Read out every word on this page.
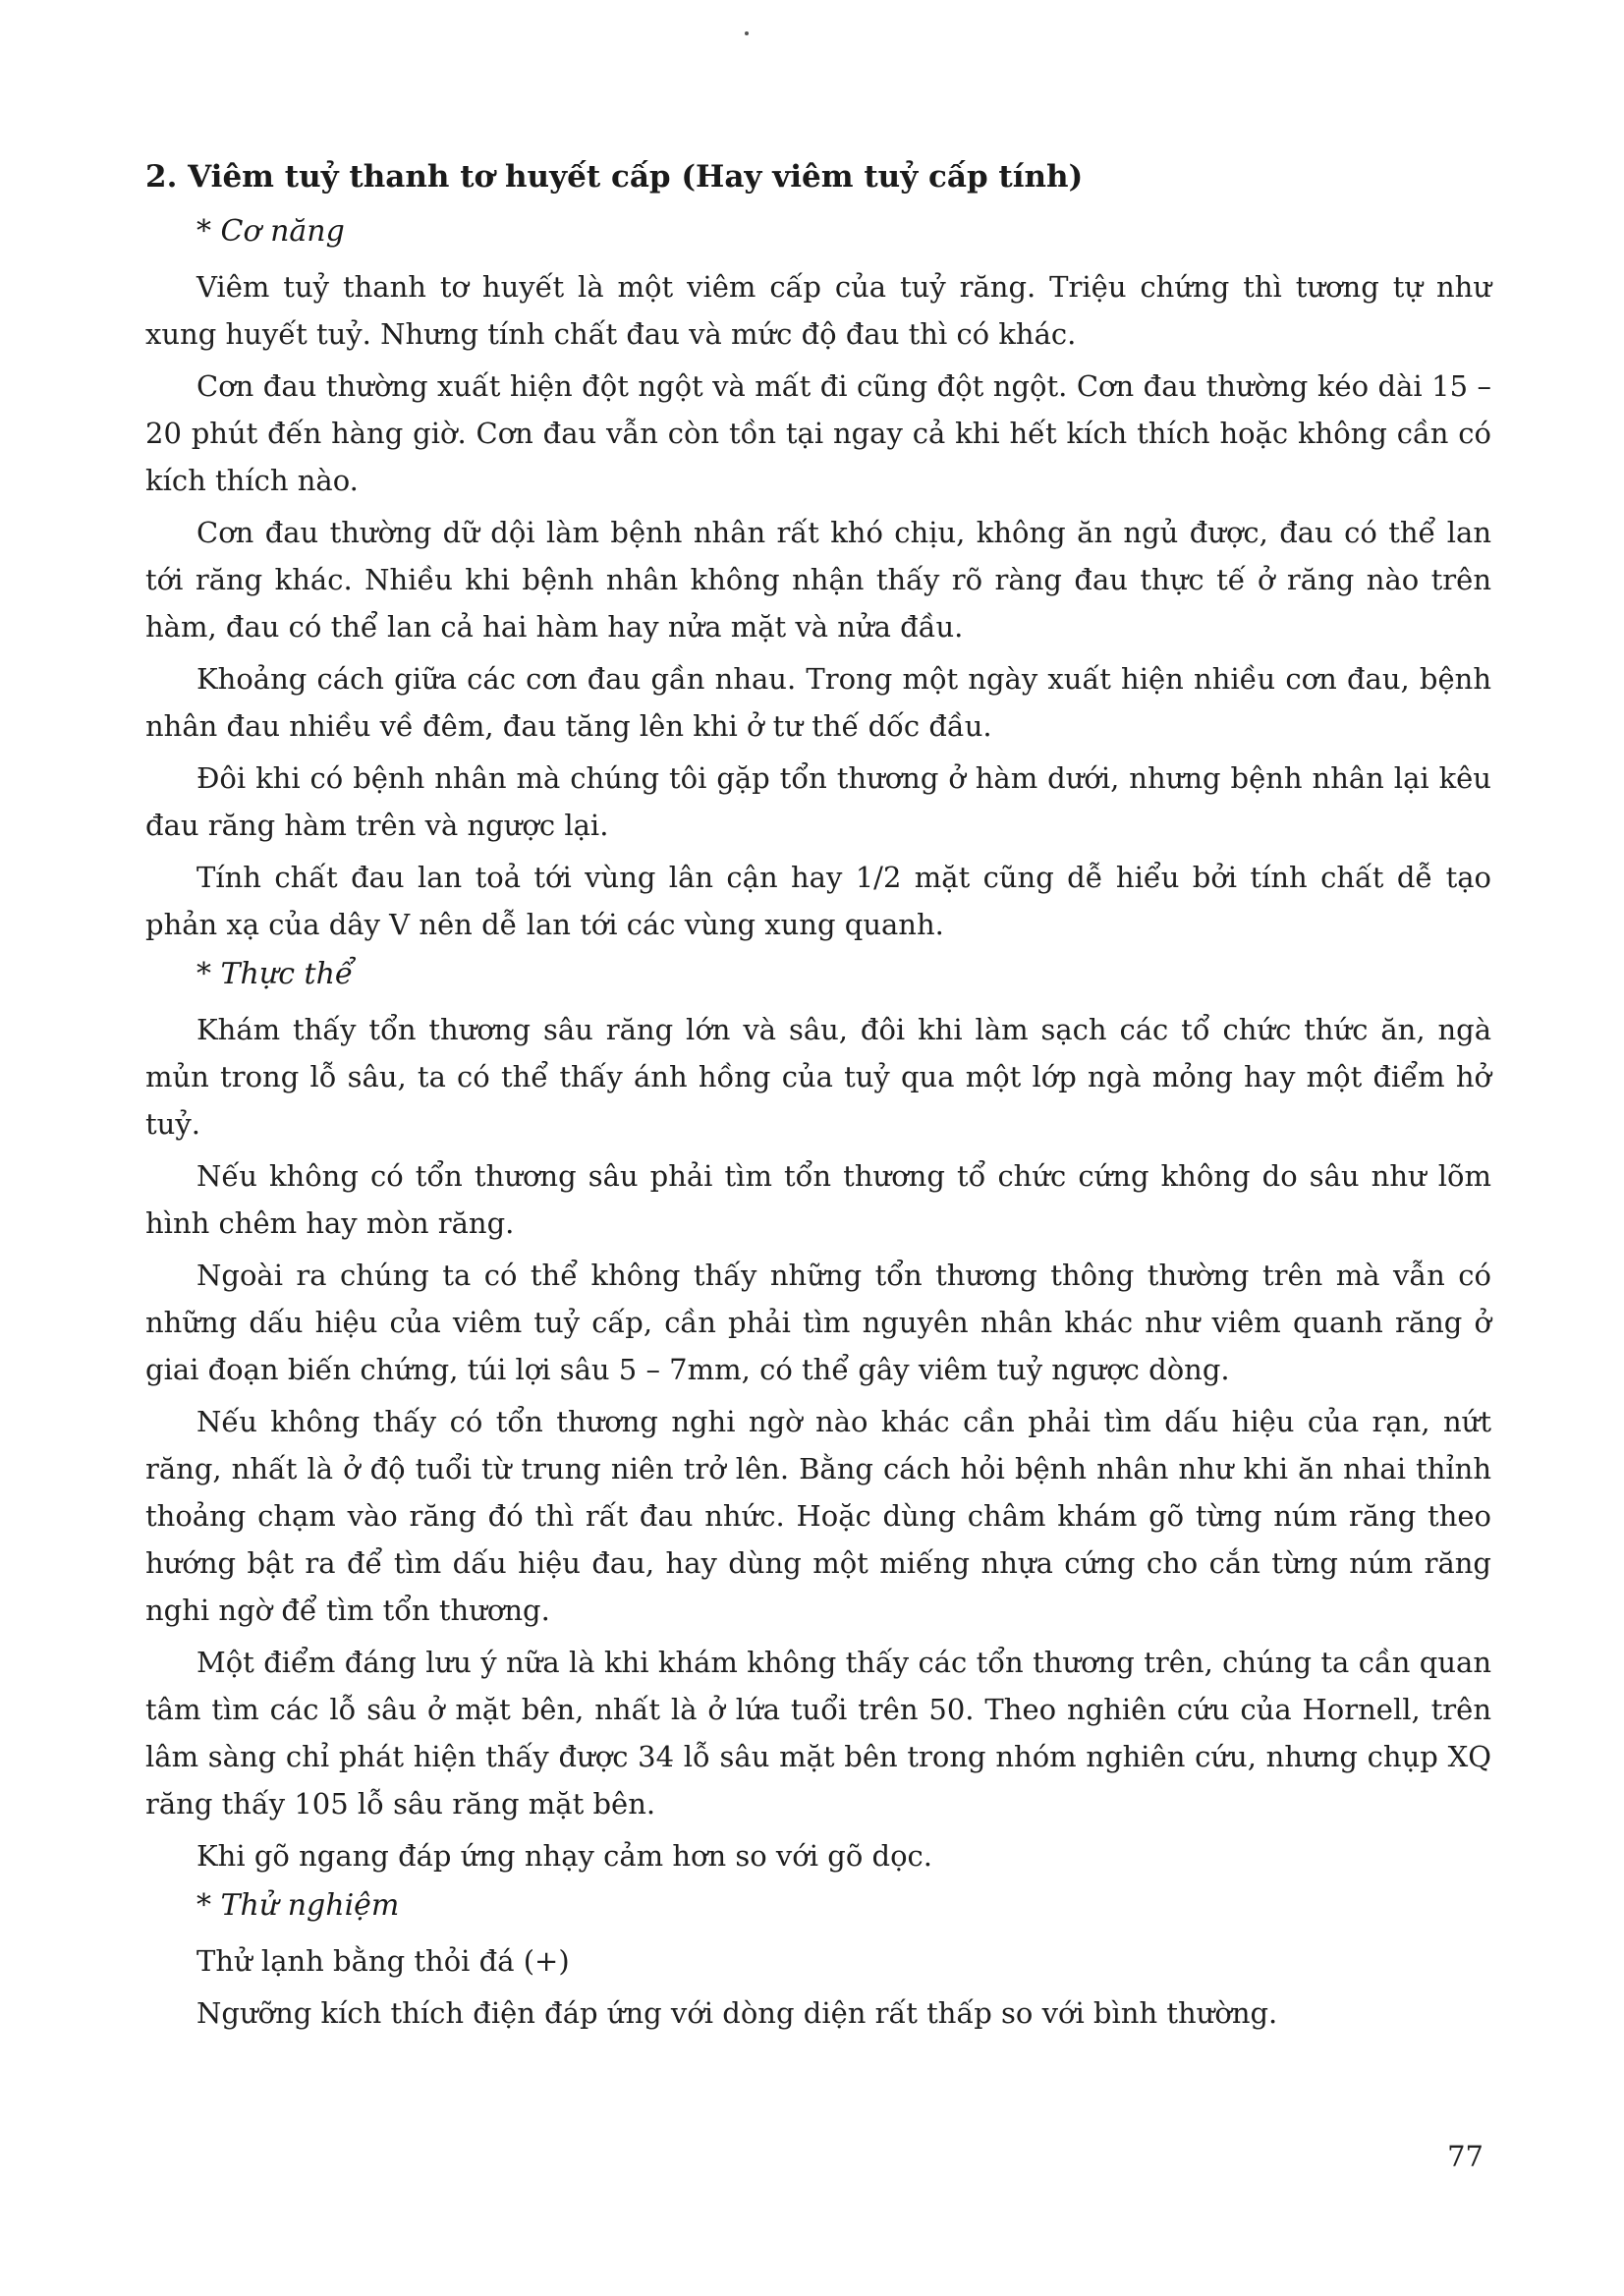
2. Viêm tuỷ thanh tơ huyết cấp (Hay viêm tuỷ cấp tính)
* Cơ năng

Viêm tuỷ thanh tơ huyết là một viêm cấp của tuỷ răng. Triệu chứng thì tương tự như xung huyết tuỷ. Nhưng tính chất đau và mức độ đau thì có khác.

Cơn đau thường xuất hiện đột ngột và mất đi cũng đột ngột. Cơn đau thường kéo dài 15 – 20 phút đến hàng giờ. Cơn đau vẫn còn tồn tại ngay cả khi hết kích thích hoặc không cần có kích thích nào.

Cơn đau thường dữ dội làm bệnh nhân rất khó chịu, không ăn ngủ được, đau có thể lan tới răng khác. Nhiều khi bệnh nhân không nhận thấy rõ ràng đau thực tế ở răng nào trên hàm, đau có thể lan cả hai hàm hay nửa mặt và nửa đầu.

Khoảng cách giữa các cơn đau gần nhau. Trong một ngày xuất hiện nhiều cơn đau, bệnh nhân đau nhiều về đêm, đau tăng lên khi ở tư thế dốc đầu.

Đôi khi có bệnh nhân mà chúng tôi gặp tổn thương ở hàm dưới, nhưng bệnh nhân lại kêu đau răng hàm trên và ngược lại.

Tính chất đau lan toả tới vùng lân cận hay 1/2 mặt cũng dễ hiểu bởi tính chất dễ tạo phản xạ của dây V nên dễ lan tới các vùng xung quanh.

* Thực thể

Khám thấy tổn thương sâu răng lớn và sâu, đôi khi làm sạch các tổ chức thức ăn, ngà mủn trong lỗ sâu, ta có thể thấy ánh hồng của tuỷ qua một lớp ngà mỏng hay một điểm hở tuỷ.

Nếu không có tổn thương sâu phải tìm tổn thương tổ chức cứng không do sâu như lõm hình chêm hay mòn răng.

Ngoài ra chúng ta có thể không thấy những tổn thương thông thường trên mà vẫn có những dấu hiệu của viêm tuỷ cấp, cần phải tìm nguyên nhân khác như viêm quanh răng ở giai đoạn biến chứng, túi lợi sâu 5 – 7mm, có thể gây viêm tuỷ ngược dòng.

Nếu không thấy có tổn thương nghi ngờ nào khác cần phải tìm dấu hiệu của rạn, nứt răng, nhất là ở độ tuổi từ trung niên trở lên. Bằng cách hỏi bệnh nhân như khi ăn nhai thỉnh thoảng chạm vào răng đó thì rất đau nhức. Hoặc dùng châm khám gõ từng núm răng theo hướng bật ra để tìm dấu hiệu đau, hay dùng một miếng nhựa cứng cho cắn từng núm răng nghi ngờ để tìm tổn thương.

Một điểm đáng lưu ý nữa là khi khám không thấy các tổn thương trên, chúng ta cần quan tâm tìm các lỗ sâu ở mặt bên, nhất là ở lứa tuổi trên 50. Theo nghiên cứu của Hornell, trên lâm sàng chỉ phát hiện thấy được 34 lỗ sâu mặt bên trong nhóm nghiên cứu, nhưng chụp XQ răng thấy 105 lỗ sâu răng mặt bên.

Khi gõ ngang đáp ứng nhạy cảm hơn so với gõ dọc.

* Thử nghiệm

Thử lạnh bằng thỏi đá (+)

Ngưỡng kích thích điện đáp ứng với dòng diện rất thấp so với bình thường.

77
